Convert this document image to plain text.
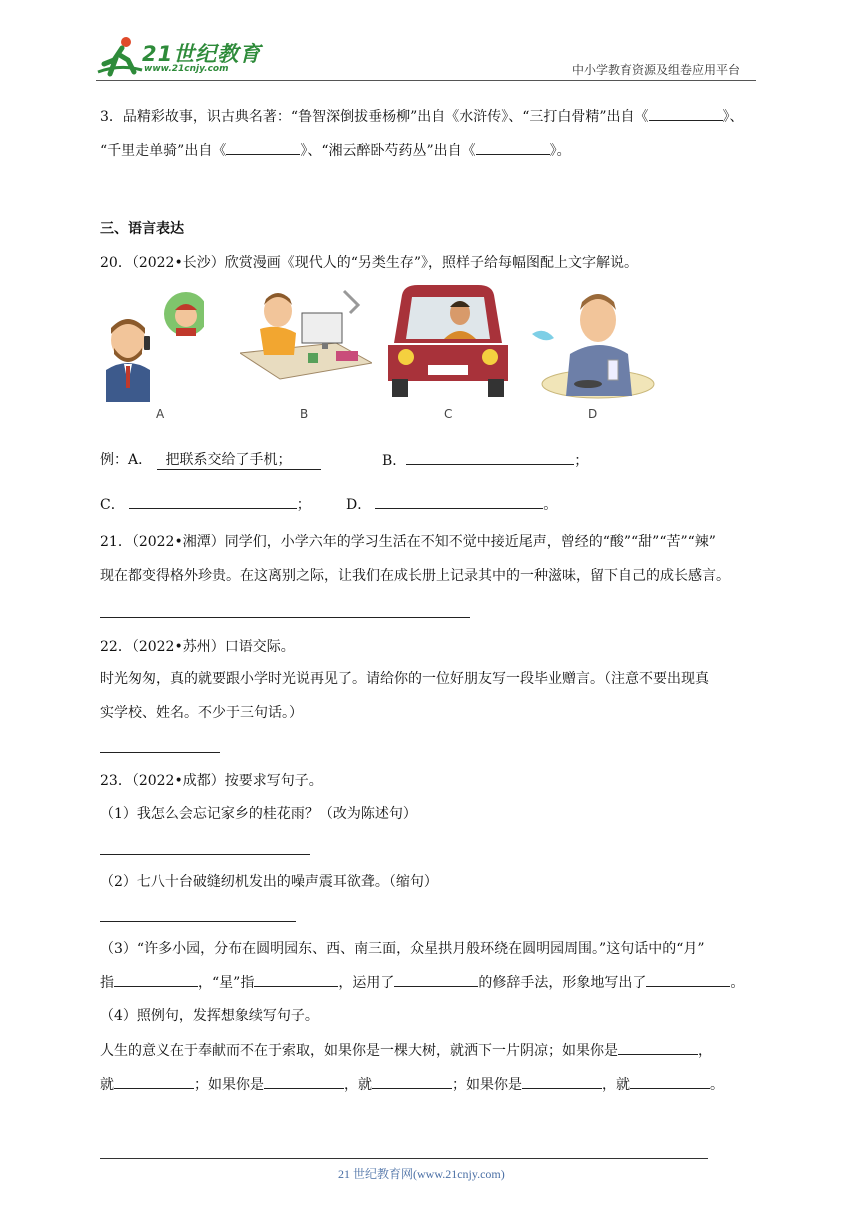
21世纪教育
www.21cnjy.com	中小学教育资源及组卷应用平台
3．品精彩故事，识古典名著：“鲁智深倒拔垂杨柳”出自《水浒传》、“三打白骨精”出自《	》、
“千里走单骑”出自《	》、“湘云醉卧芍药丛”出自《	》。
三、语言表达
20．（2022•长沙）欣赏漫画《现代人的“另类生存”》，照样子给每幅图配上文字解说。
A	B	C	D
例：A． 把联系交给了手机；	B．	；
C．	；	D．	。
21．（2022•湘潭）同学们，小学六年的学习生活在不知不觉中接近尾声，曾经的“酸”“甜”“苦”“辣”
现在都变得格外珍贵。在这离别之际，让我们在成长册上记录其中的一种滋味，留下自己的成长感言。
22．（2022•苏州）口语交际。
时光匆匆，真的就要跟小学时光说再见了。请给你的一位好朋友写一段毕业赠言。（注意不要出现真
实学校、姓名。不少于三句话。）
23．（2022•成都）按要求写句子。
（1）我怎么会忘记家乡的桂花雨？（改为陈述句）
（2）七八十台破缝纫机发出的噪声震耳欲聋。（缩句）
（3）“许多小园，分布在圆明园东、西、南三面，众星拱月般环绕在圆明园周围。”这句话中的“月”
指	，“星”指	，运用了	的修辞手法，形象地写出了	。
（4）照例句，发挥想象续写句子。
人生的意义在于奉献而不在于索取，如果你是一棵大树，就洒下一片阴凉；如果你是	，
就	；如果你是	，就	；如果你是	，就	。
21 世纪教育网(www.21cnjy.com)
